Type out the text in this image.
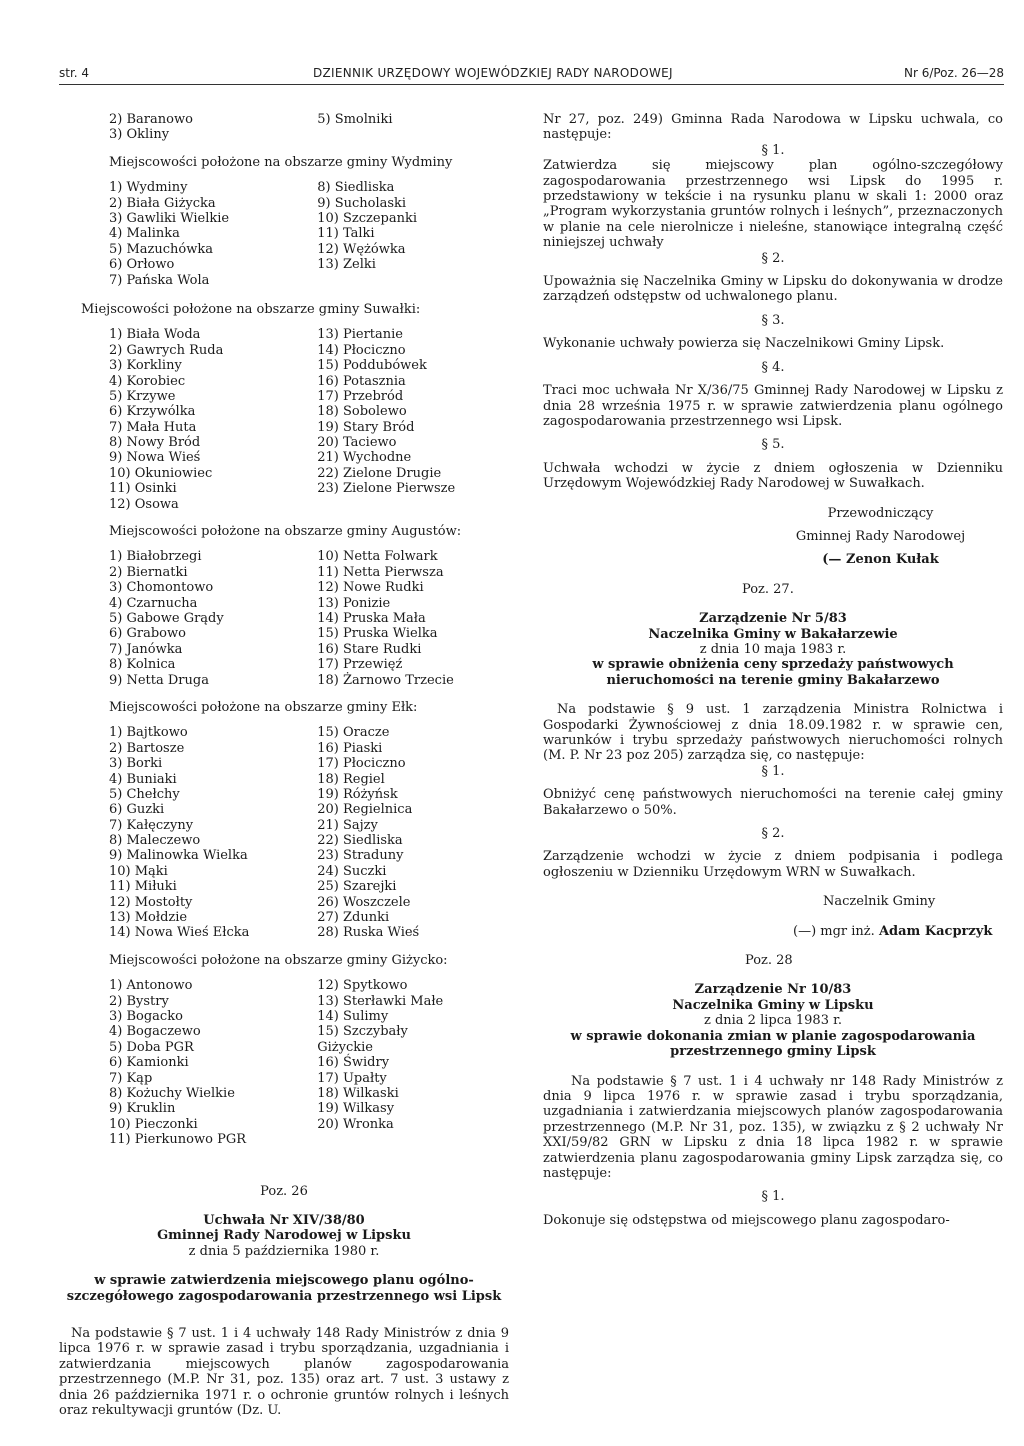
str. 4	DZIENNIK URZĘDOWY WOJEWÓDZKIEJ RADY NARODOWEJ	Nr 6/Poz. 26—28
2) Baranowo
3) Okliny
5) Smolniki
Miejscowości położone na obszarze gminy Wydminy
1) Wydminy
2) Biała Giżycka
3) Gawliki Wielkie
4) Malinka
5) Mazuchówka
6) Orłowo
7) Pańska Wola
8) Siedliska
9) Sucholaski
10) Szczepanki
11) Talki
12) Wężówka
13) Zelki
Miejscowości położone na obszarze gminy Suwałki:
1) Biała Woda
2) Gawrych Ruda
3) Korkliny
4) Korobiec
5) Krzywe
6) Krzywólka
7) Mała Huta
8) Nowy Bród
9) Nowa Wieś
10) Okuniowiec
11) Osinki
12) Osowa
13) Piertanie
14) Płociczno
15) Poddubówek
16) Potasznia
17) Przebród
18) Sobolewo
19) Stary Bród
20) Taciewo
21) Wychodne
22) Zielone Drugie
23) Zielone Pierwsze
Miejscowości położone na obszarze gminy Augustów:
1) Białobrzegi
2) Biernatki
3) Chomontowo
4) Czarnucha
5) Gabowe Grądy
6) Grabowo
7) Janówka
8) Kolnica
9) Netta Druga
10) Netta Folwark
11) Netta Pierwsza
12) Nowe Rudki
13) Ponizie
14) Pruska Mała
15) Pruska Wielka
16) Stare Rudki
17) Przewięź
18) Żarnowo Trzecie
Miejscowości położone na obszarze gminy Ełk:
1) Bajtkowo
2) Bartosze
3) Borki
4) Buniaki
5) Chełchy
6) Guzki
7) Kałęczyny
8) Maleczewo
9) Malinowka Wielka
10) Mąki
11) Miłuki
12) Mostołty
13) Mołdzie
14) Nowa Wieś Ełcka
15) Oracze
16) Piaski
17) Płociczno
18) Regiel
19) Różyńsk
20) Regielnica
21) Sajzy
22) Siedliska
23) Straduny
24) Suczki
25) Szarejki
26) Woszczele
27) Zdunki
28) Ruska Wieś
Miejscowości położone na obszarze gminy Giżycko:
1) Antonowo
2) Bystry
3) Bogacko
4) Bogaczewo
5) Doba PGR
6) Kamionki
7) Kąp
8) Kożuchy Wielkie
9) Kruklin
10) Pieczonki
11) Pierkunowo PGR
12) Spytkowo
13) Sterławki Małe
14) Sulimy
15) Szczybały
Giżyckie
16) Świdry
17) Upałty
18) Wilkaski
19) Wilkasy
20) Wronka
Poz. 26
Uchwała Nr XIV/38/80
Gminnej Rady Narodowej w Lipsku
z dnia 5 października 1980 r.

w sprawie zatwierdzenia miejscowego planu ogólno-szczegółowego zagospodarowania przestrzennego wsi Lipsk

Na podstawie § 7 ust. 1 i 4 uchwały 148 Rady Ministrów z dnia 9 lipca 1976 r. w sprawie zasad i trybu sporządzania, uzgadniania i zatwierdzania miejscowych planów zagospodarowania przestrzennego (M.P. Nr 31, poz. 135) oraz art. 7 ust. 3 ustawy z dnia 26 października 1971 r. o ochronie gruntów rolnych i leśnych oraz rekultywacji gruntów (Dz. U.

Nr 27, poz. 249) Gminna Rada Narodowa w Lipsku uchwala, co następuje:

§ 1.

Zatwierdza się miejscowy plan ogólno-szczegółowy zagospodarowania przestrzennego wsi Lipsk do 1995 r. przedstawiony w tekście i na rysunku planu w skali 1: 2000 oraz „Program wykorzystania gruntów rolnych i leśnych”, przeznaczonych w planie na cele nierolnicze i nieleśne, stanowiące integralną część niniejszej uchwały

§ 2.

Upoważnia się Naczelnika Gminy w Lipsku do dokonywania w drodze zarządzeń odstępstw od uchwalonego planu.

§ 3.

Wykonanie uchwały powierza się Naczelnikowi Gminy Lipsk.

§ 4.

Traci moc uchwała Nr X/36/75 Gminnej Rady Narodowej w Lipsku z dnia 28 września 1975 r. w sprawie zatwierdzenia planu ogólnego zagospodarowania przestrzennego wsi Lipsk.

§ 5.

Uchwała wchodzi w życie z dniem ogłoszenia w Dzienniku Urzędowym Wojewódzkiej Rady Narodowej w Suwałkach.

Przewodniczący
Gminnej Rady Narodowej
(— Zenon Kułak
Poz. 27.
Zarządzenie Nr 5/83
Naczelnika Gminy w Bakałarzewie
z dnia 10 maja 1983 r.

w sprawie obniżenia ceny sprzedaży państwowych nieruchomości na terenie gminy Bakałarzewo

Na podstawie § 9 ust. 1 zarządzenia Ministra Rolnictwa i Gospodarki Żywnościowej z dnia 18.09.1982 r. w sprawie cen, warunków i trybu sprzedaży państwowych nieruchomości rolnych (M. P. Nr 23 poz 205) zarządza się, co następuje:

§ 1.

Obniżyć cenę państwowych nieruchomości na terenie całej gminy Bakałarzewo o 50%.

§ 2.

Zarządzenie wchodzi w życie z dniem podpisania i podlega ogłoszeniu w Dzienniku Urzędowym WRN w Suwałkach.

Naczelnik Gminy
(—) mgr inż. Adam Kacprzyk
Poz. 28
Zarządzenie Nr 10/83
Naczelnika Gminy w Lipsku
z dnia 2 lipca 1983 r.

w sprawie dokonania zmian w planie zagospodarowania przestrzennego gminy Lipsk

Na podstawie § 7 ust. 1 i 4 uchwały nr 148 Rady Ministrów z dnia 9 lipca 1976 r. w sprawie zasad i trybu sporządzania, uzgadniania i zatwierdzania miejscowych planów zagospodarowania przestrzennego (M.P. Nr 31, poz. 135), w związku z § 2 uchwały Nr XXI/59/82 GRN w Lipsku z dnia 18 lipca 1982 r. w sprawie zatwierdzenia planu zagospodarowania gminy Lipsk zarządza się, co następuje:

§ 1.

Dokonuje się odstępstwa od miejscowego planu zagospodaro-
